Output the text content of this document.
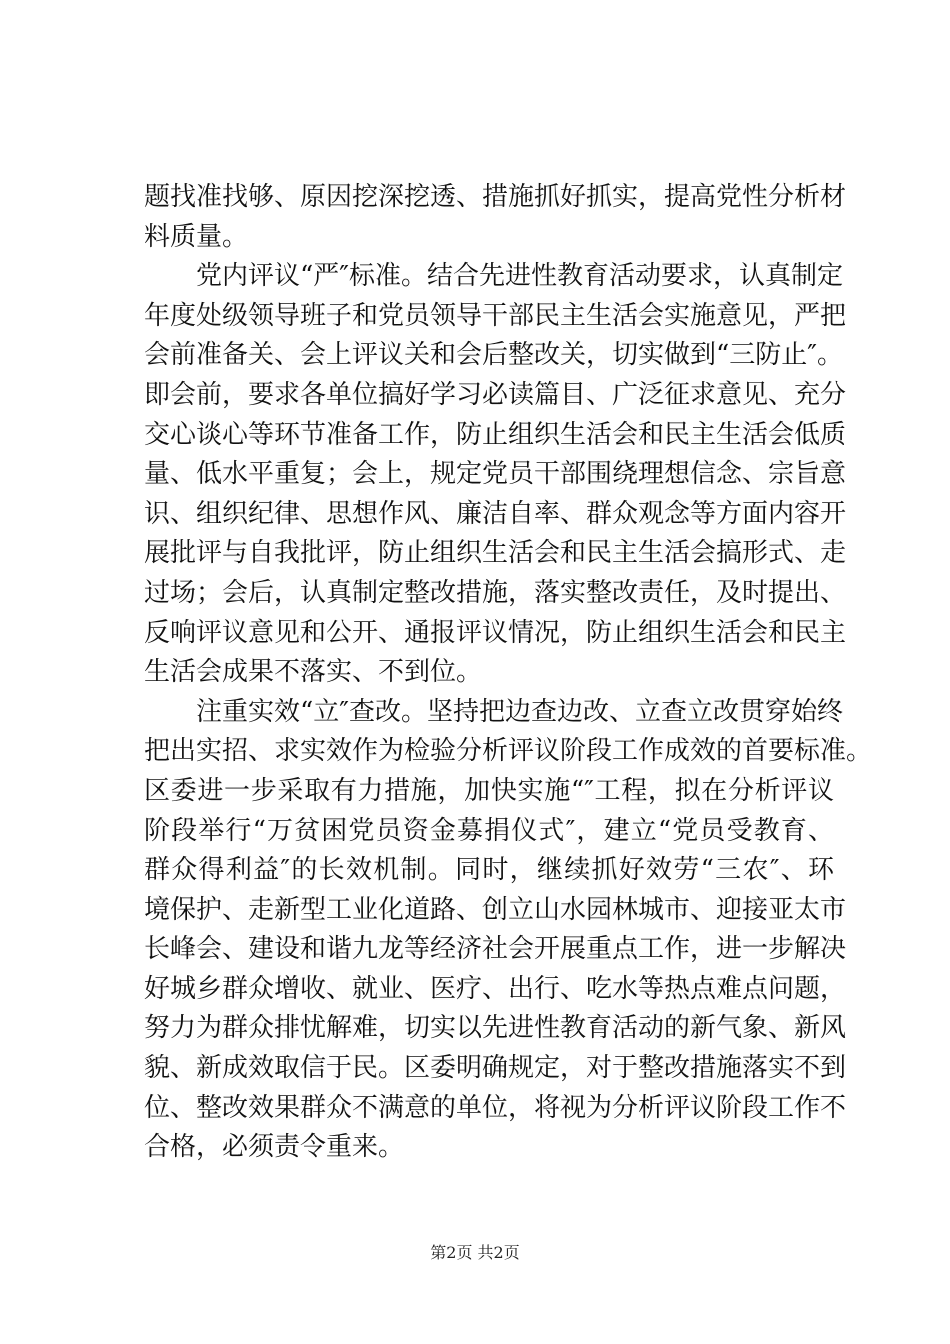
题找准找够、原因挖深挖透、措施抓好抓实，提高党性分析材
料质量。
　　党内评议“严″标准。结合先进性教育活动要求，认真制定
年度处级领导班子和党员领导干部民主生活会实施意见，严把
会前准备关、会上评议关和会后整改关，切实做到“三防止″。
即会前，要求各单位搞好学习必读篇目、广泛征求意见、充分
交心谈心等环节准备工作，防止组织生活会和民主生活会低质
量、低水平重复；会上，规定党员干部围绕理想信念、宗旨意
识、组织纪律、思想作风、廉洁自率、群众观念等方面内容开
展批评与自我批评，防止组织生活会和民主生活会搞形式、走
过场；会后，认真制定整改措施，落实整改责任，及时提出、
反响评议意见和公开、通报评议情况，防止组织生活会和民主
生活会成果不落实、不到位。
　　注重实效“立″查改。坚持把边查边改、立查立改贯穿始终
把出实招、求实效作为检验分析评议阶段工作成效的首要标准。
区委进一步采取有力措施，加快实施“″工程，拟在分析评议
阶段举行“万贫困党员资金募捐仪式″，建立“党员受教育、
群众得利益″的长效机制。同时，继续抓好效劳“三农″、环
境保护、走新型工业化道路、创立山水园林城市、迎接亚太市
长峰会、建设和谐九龙等经济社会开展重点工作，进一步解决
好城乡群众增收、就业、医疗、出行、吃水等热点难点问题，
努力为群众排忧解难，切实以先进性教育活动的新气象、新风
貌、新成效取信于民。区委明确规定，对于整改措施落实不到
位、整改效果群众不满意的单位，将视为分析评议阶段工作不
合格，必须责令重来。
第2页 共2页
